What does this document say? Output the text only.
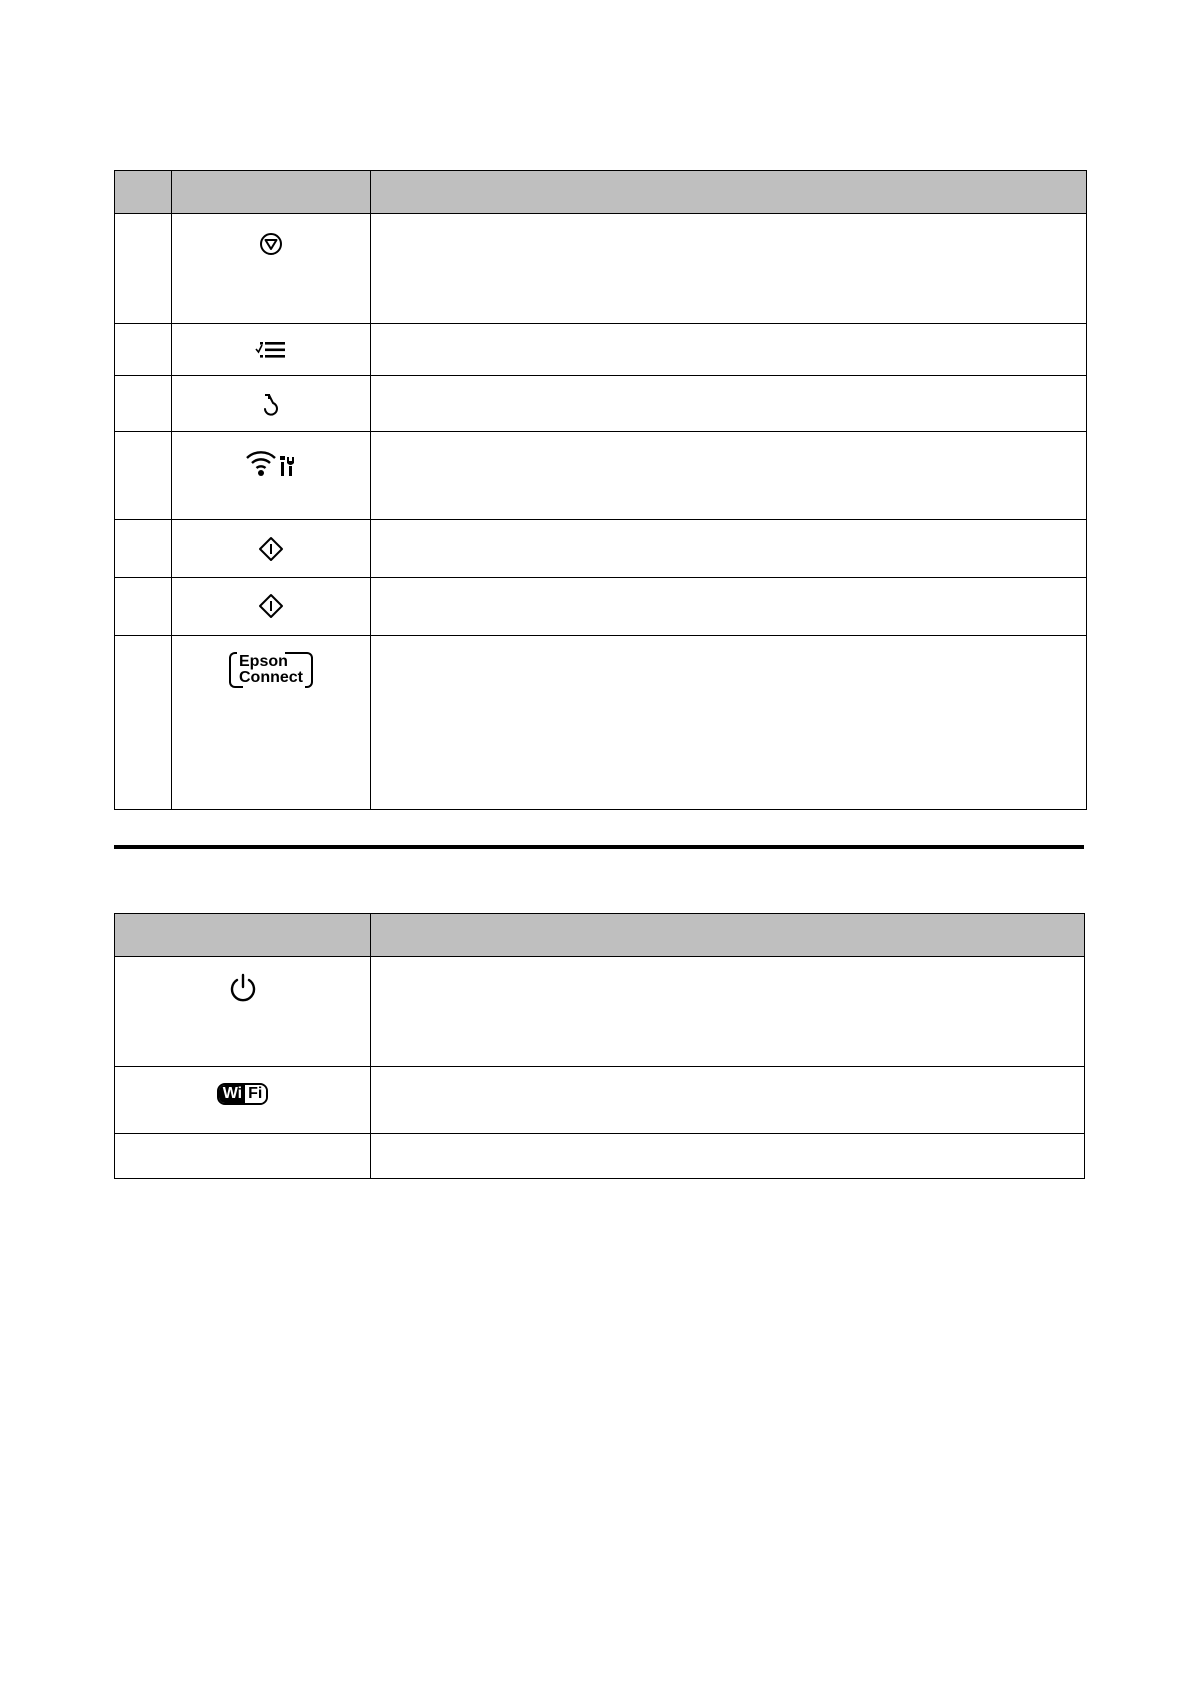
	Epson
Connect	

Wi Fi	
